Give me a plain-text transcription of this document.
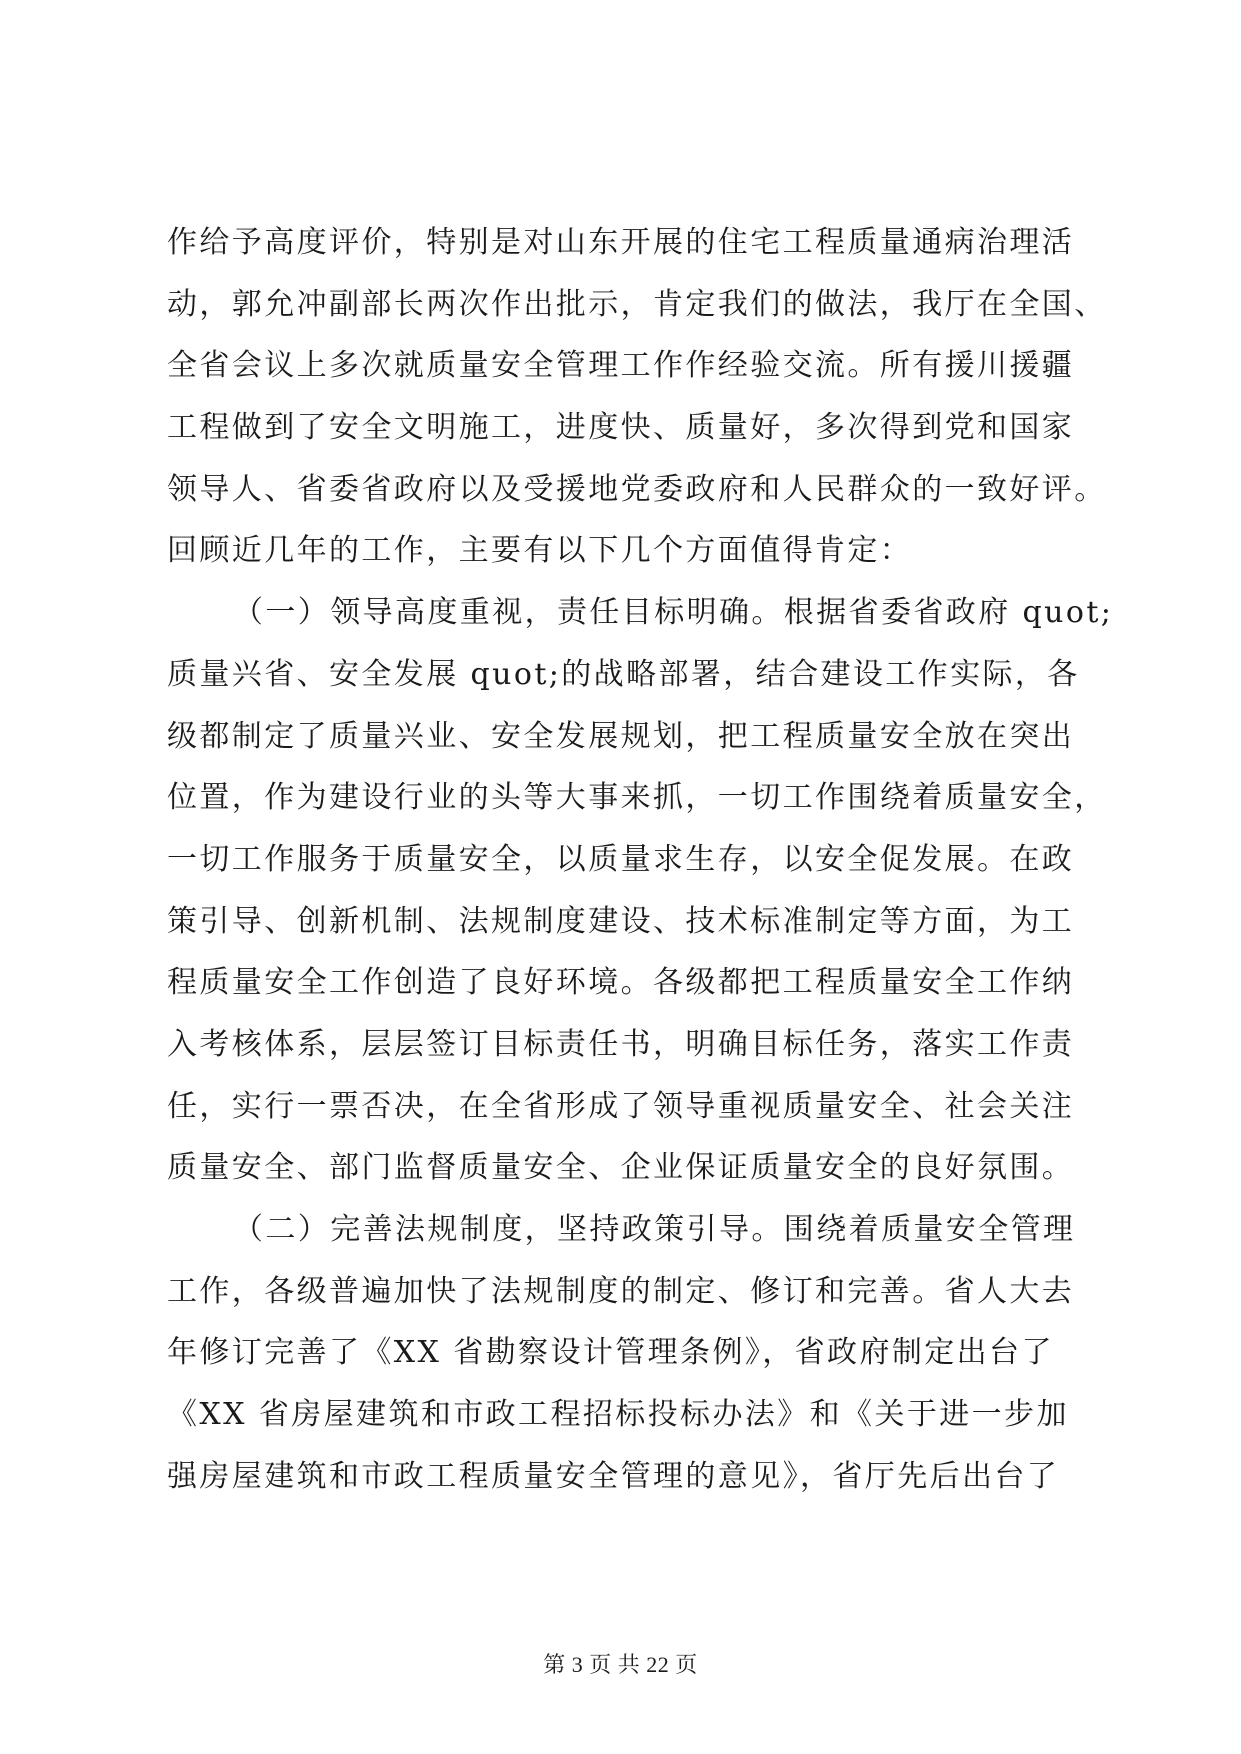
作给予高度评价，特别是对山东开展的住宅工程质量通病治理活
动，郭允冲副部长两次作出批示，肯定我们的做法，我厅在全国、
全省会议上多次就质量安全管理工作作经验交流。所有援川援疆
工程做到了安全文明施工，进度快、质量好，多次得到党和国家
领导人、省委省政府以及受援地党委政府和人民群众的一致好评。
回顾近几年的工作，主要有以下几个方面值得肯定：
（一）领导高度重视，责任目标明确。根据省委省政府 quot;
质量兴省、安全发展 quot;的战略部署，结合建设工作实际，各
级都制定了质量兴业、安全发展规划，把工程质量安全放在突出
位置，作为建设行业的头等大事来抓，一切工作围绕着质量安全，
一切工作服务于质量安全，以质量求生存，以安全促发展。在政
策引导、创新机制、法规制度建设、技术标准制定等方面，为工
程质量安全工作创造了良好环境。各级都把工程质量安全工作纳
入考核体系，层层签订目标责任书，明确目标任务，落实工作责
任，实行一票否决，在全省形成了领导重视质量安全、社会关注
质量安全、部门监督质量安全、企业保证质量安全的良好氛围。
（二）完善法规制度，坚持政策引导。围绕着质量安全管理
工作，各级普遍加快了法规制度的制定、修订和完善。省人大去
年修订完善了《XX 省勘察设计管理条例》，省政府制定出台了
《XX 省房屋建筑和市政工程招标投标办法》和《关于进一步加
强房屋建筑和市政工程质量安全管理的意见》，省厅先后出台了
第 3 页 共 22 页
